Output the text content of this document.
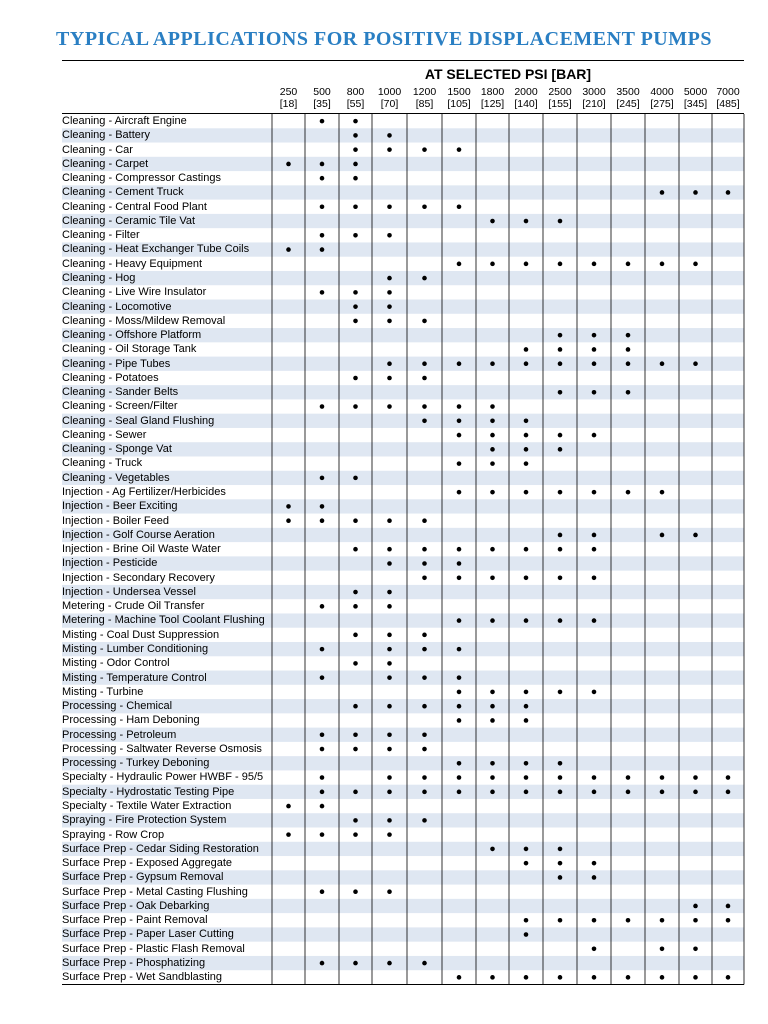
TYPICAL APPLICATIONS FOR POSITIVE DISPLACEMENT PUMPS
AT SELECTED PSI [BAR]
250
[18]
500
[35]
800
[55]
1000
[70]
1200
[85]
1500
[105]
1800
[125]
2000
[140]
2500
[155]
3000
[210]
3500
[245]
4000
[275]
5000
[345]
7000
[485]
Cleaning - Aircraft Engine
Cleaning - Battery
Cleaning - Car
Cleaning - Carpet
Cleaning - Compressor Castings
Cleaning - Cement Truck
Cleaning - Central Food Plant
Cleaning - Ceramic Tile Vat
Cleaning - Filter
Cleaning - Heat Exchanger Tube Coils
Cleaning - Heavy Equipment
Cleaning - Hog
Cleaning - Live Wire Insulator
Cleaning - Locomotive
Cleaning - Moss/Mildew Removal
Cleaning - Offshore Platform
Cleaning - Oil Storage Tank
Cleaning - Pipe Tubes
Cleaning - Potatoes
Cleaning - Sander Belts
Cleaning - Screen/Filter
Cleaning - Seal Gland Flushing
Cleaning - Sewer
Cleaning - Sponge Vat
Cleaning - Truck
Cleaning - Vegetables
Injection - Ag Fertilizer/Herbicides
Injection - Beer Exciting
Injection - Boiler Feed
Injection - Golf Course Aeration
Injection - Brine Oil Waste Water
Injection - Pesticide
Injection - Secondary Recovery
Injection - Undersea Vessel
Metering - Crude Oil Transfer
Metering - Machine Tool Coolant Flushing
Misting - Coal Dust Suppression
Misting - Lumber Conditioning
Misting - Odor Control
Misting - Temperature Control
Misting - Turbine
Processing - Chemical
Processing - Ham Deboning
Processing - Petroleum
Processing - Saltwater Reverse Osmosis
Processing - Turkey Deboning
Specialty - Hydraulic Power HWBF - 95/5
Specialty - Hydrostatic Testing Pipe
Specialty - Textile Water Extraction
Spraying - Fire Protection System
Spraying - Row Crop
Surface Prep - Cedar Siding Restoration
Surface Prep - Exposed Aggregate
Surface Prep - Gypsum Removal
Surface Prep - Metal Casting Flushing
Surface Prep - Oak Debarking
Surface Prep - Paint Removal
Surface Prep - Paper Laser Cutting
Surface Prep - Plastic Flash Removal
Surface Prep - Phosphatizing
Surface Prep - Wet Sandblasting
